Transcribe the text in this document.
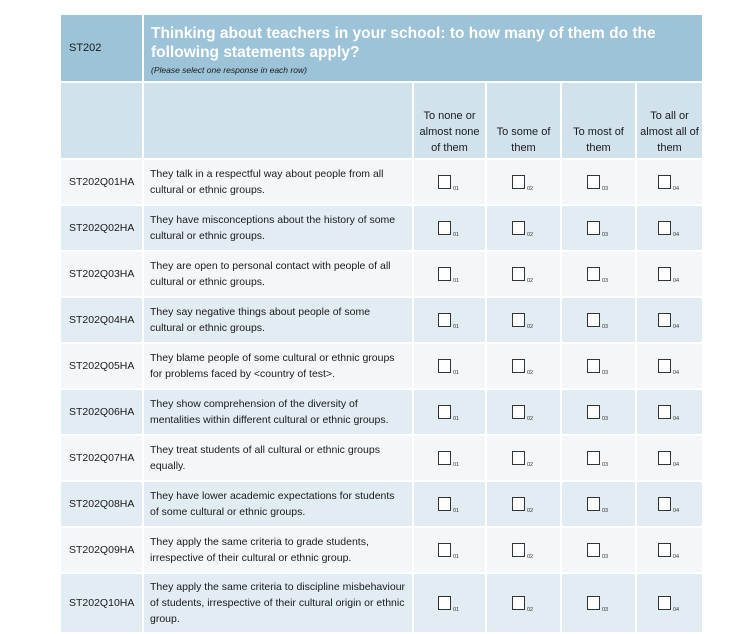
ST202	Thinking about teachers in your school: to how many of them do the following statements apply?
(Please select one response in each row)				

		To none or almost none of them	To some of them	To most of them	To all or almost all of them

ST202Q01HA	They talk in a respectful way about people from all cultural or ethnic groups.	01	02	03	04

ST202Q02HA	They have misconceptions about the history of some cultural or ethnic groups.	01	02	03	04

ST202Q03HA	They are open to personal contact with people of all cultural or ethnic groups.	01	02	03	04

ST202Q04HA	They say negative things about people of some cultural or ethnic groups.	01	02	03	04

ST202Q05HA	They blame people of some cultural or ethnic groups for problems faced by <country of test>.	01	02	03	04

ST202Q06HA	They show comprehension of the diversity of mentalities within different cultural or ethnic groups.	01	02	03	04

ST202Q07HA	They treat students of all cultural or ethnic groups equally.	01	02	03	04

ST202Q08HA	They have lower academic expectations for students of some cultural or ethnic groups.	01	02	03	04

ST202Q09HA	They apply the same criteria to grade students, irrespective of their cultural or ethnic group.	01	02	03	04

ST202Q10HA	They apply the same criteria to discipline misbehaviour of students, irrespective of their cultural origin or ethnic group.	01	02	03	04
